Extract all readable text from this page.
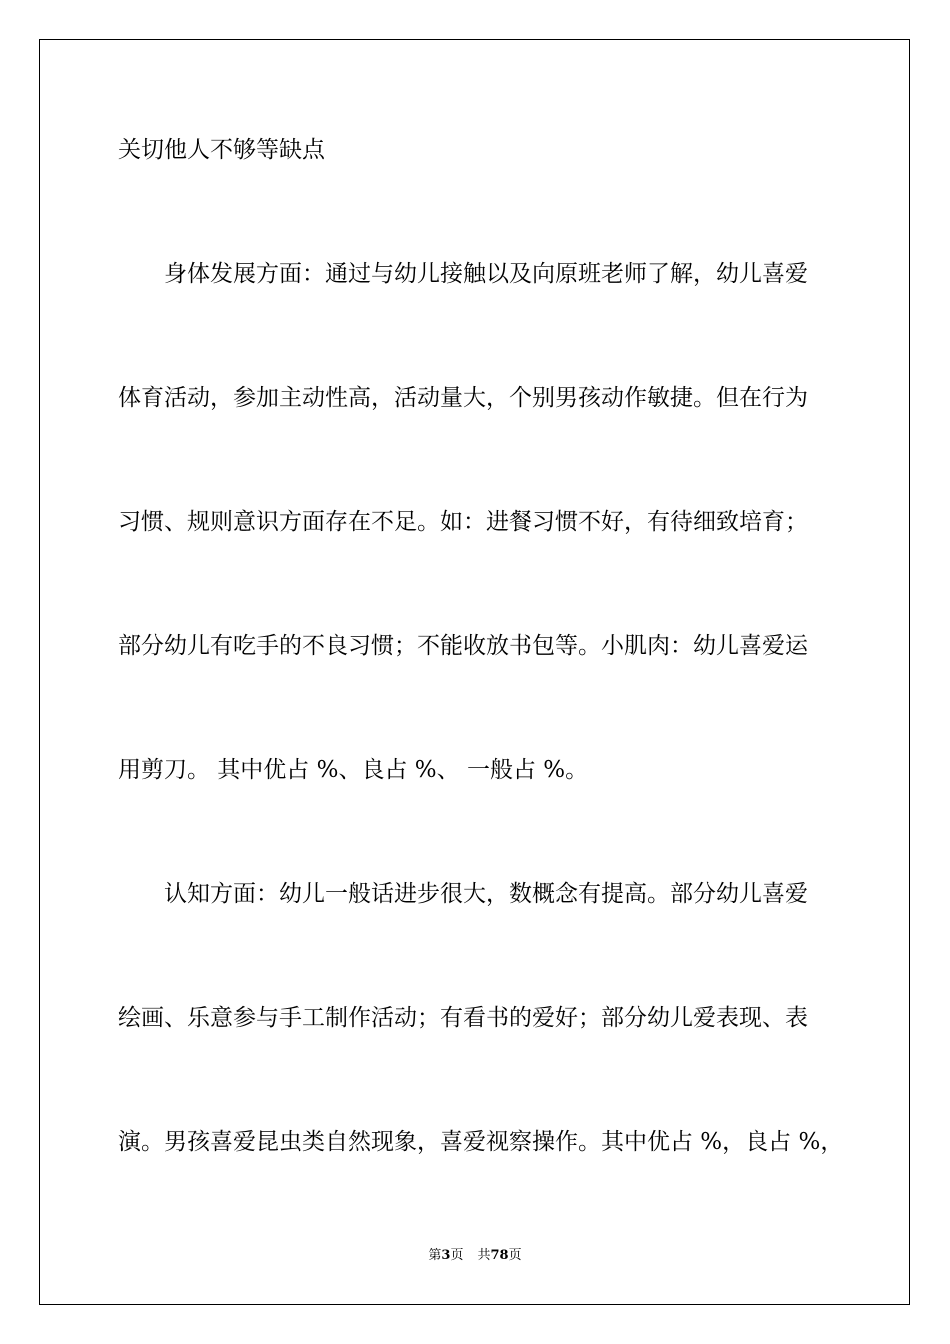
关切他人不够等缺点
身体发展方面：通过与幼儿接触以及向原班老师了解，幼儿喜爱
体育活动，参加主动性高，活动量大，个别男孩动作敏捷。但在行为
习惯、规则意识方面存在不足。如：进餐习惯不好，有待细致培育；
部分幼儿有吃手的不良习惯；不能收放书包等。小肌肉：幼儿喜爱运
用剪刀。 其中优占 %、良占 %、 一般占 %。
认知方面：幼儿一般话进步很大，数概念有提高。部分幼儿喜爱
绘画、乐意参与手工制作活动；有看书的爱好；部分幼儿爱表现、表
演。男孩喜爱昆虫类自然现象，喜爱视察操作。其中优占 %，良占 %，
第3页 共78页
